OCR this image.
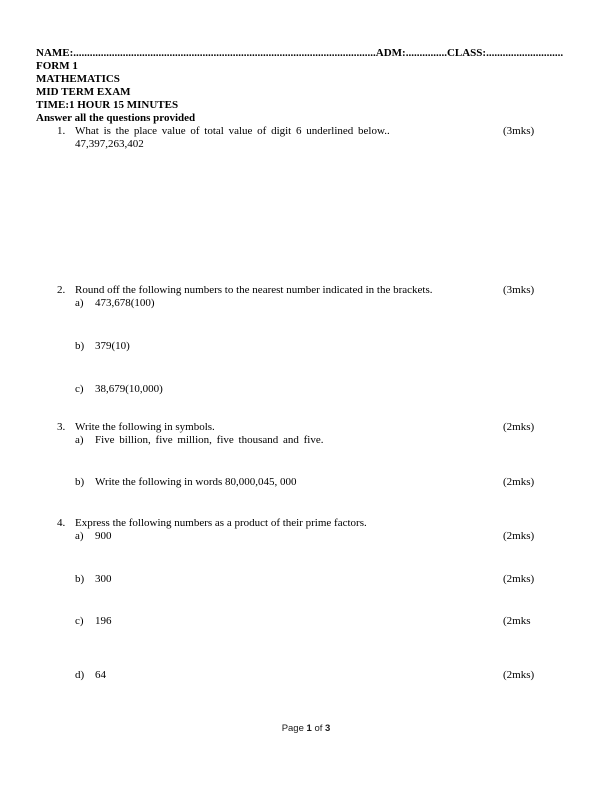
NAME:..............................................................................................................ADM:...............CLASS:............................
FORM 1
MATHEMATICS
MID TERM EXAM
TIME:1 HOUR 15 MINUTES
Answer all the questions provided
1. What is the place value of total value of digit 6 underlined below..	(3mks)
47,397,263,402
2. Round off the following numbers to the nearest number indicated in the brackets.	(3mks)
a) 473,678(100)
b) 379(10)
c) 38,679(10,000)
3. Write the following in symbols.	(2mks)
a) Five billion, five million, five thousand and five.
b) Write the following in words 80,000,045, 000	(2mks)
4. Express the following numbers as a product of their prime factors.
a) 900	(2mks)
b) 300	(2mks)
c) 196	(2mks
d) 64	(2mks)
Page 1 of 3
